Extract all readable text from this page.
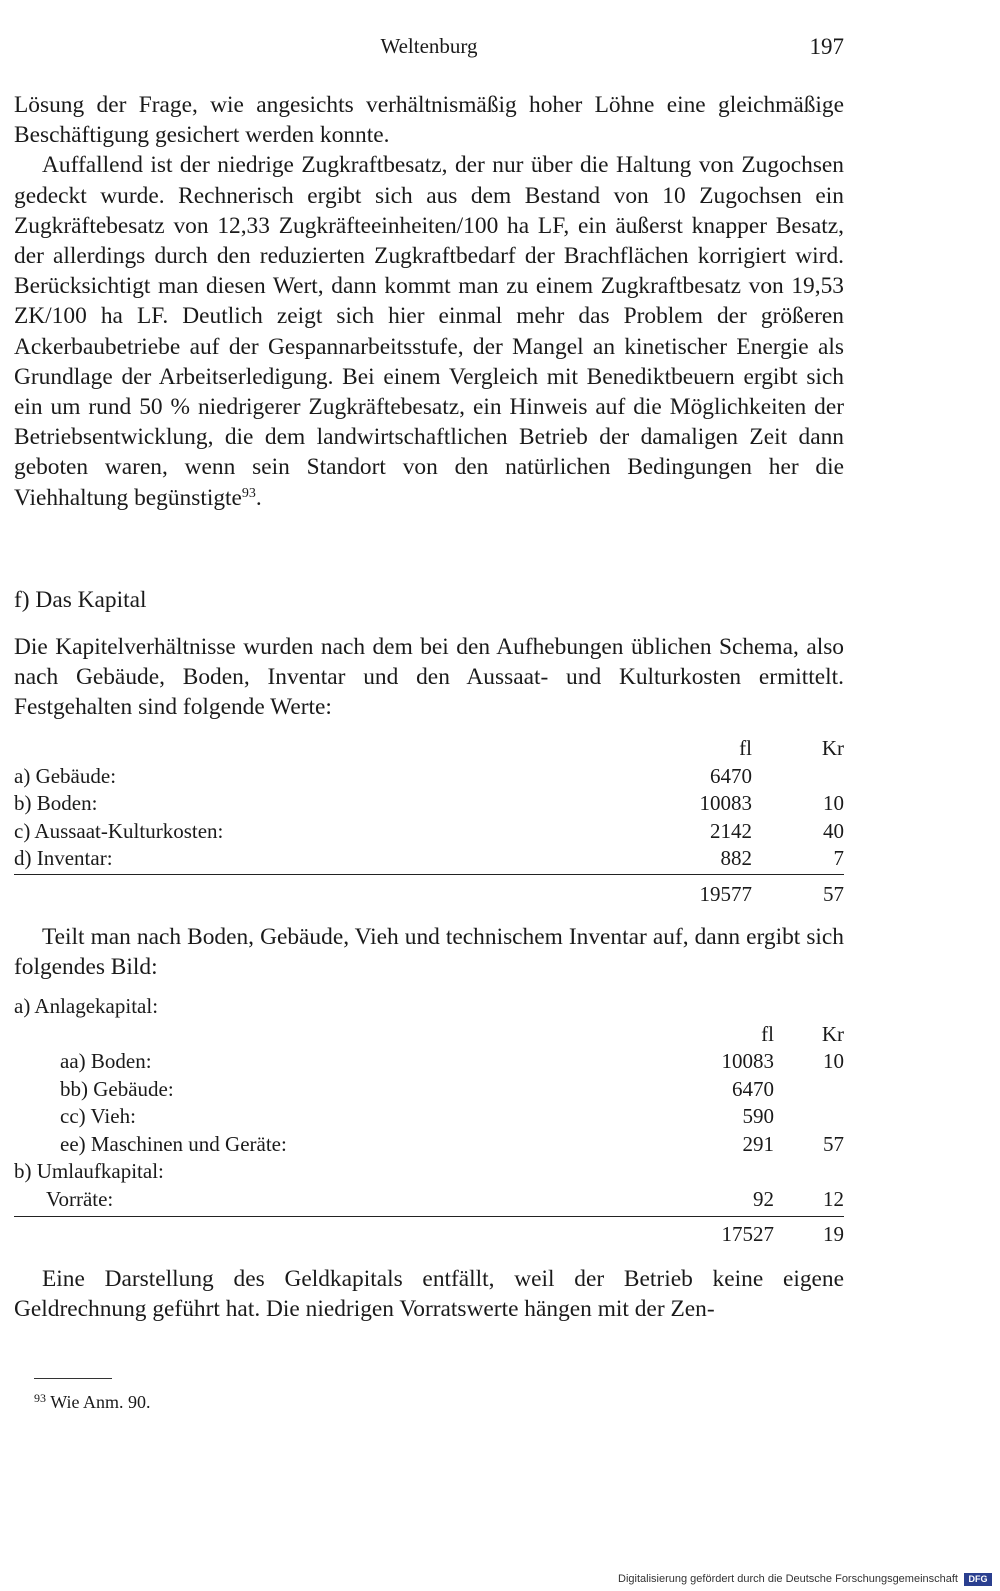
Weltenburg	197

Lösung der Frage, wie angesichts verhältnismäßig hoher Löhne eine gleichmäßige Beschäftigung gesichert werden konnte.

Auffallend ist der niedrige Zugkraftbesatz, der nur über die Haltung von Zugochsen gedeckt wurde. Rechnerisch ergibt sich aus dem Bestand von 10 Zugochsen ein Zugkräftebesatz von 12,33 Zugkräfteeinheiten/100 ha LF, ein äußerst knapper Besatz, der allerdings durch den reduzierten Zugkraftbedarf der Brachflächen korrigiert wird. Berücksichtigt man diesen Wert, dann kommt man zu einem Zugkraftbesatz von 19,53 ZK/100 ha LF. Deutlich zeigt sich hier einmal mehr das Problem der größeren Ackerbaubetriebe auf der Gespannarbeitsstufe, der Mangel an kinetischer Energie als Grundlage der Arbeitserledigung. Bei einem Vergleich mit Benediktbeuern ergibt sich ein um rund 50 % niedrigerer Zugkräftebesatz, ein Hinweis auf die Möglichkeiten der Betriebsentwicklung, die dem landwirtschaftlichen Betrieb der damaligen Zeit dann geboten waren, wenn sein Standort von den natürlichen Bedingungen her die Viehhaltung begünstigte$^{93}$.

f) Das Kapital

Die Kapitelverhältnisse wurden nach dem bei den Aufhebungen üblichen Schema, also nach Gebäude, Boden, Inventar und den Aussaat- und Kulturkosten ermittelt. Festgehalten sind folgende Werte:

fl	Kr
a) Gebäude:	6470
b) Boden:	10083	10
c) Aussaat-Kulturkosten:	2142	40
d) Inventar:	882	7
19577	57

Teilt man nach Boden, Gebäude, Vieh und technischem Inventar auf, dann ergibt sich folgendes Bild:

a) Anlagekapital:
fl Kr
aa) Boden:	10083 10
bb) Gebäude:	6470
cc) Vieh:	590
ee) Maschinen und Geräte:	291 57
b) Umlaufkapital:
Vorräte:	92 12
17527 19

Eine Darstellung des Geldkapitals entfällt, weil der Betrieb keine eigene Geldrechnung geführt hat. Die niedrigen Vorratswerte hängen mit der Zen-

$^{93}$ Wie Anm. 90.
Digitalisierung gefördert durch die Deutsche Forschungsgemeinschaft	DFG
